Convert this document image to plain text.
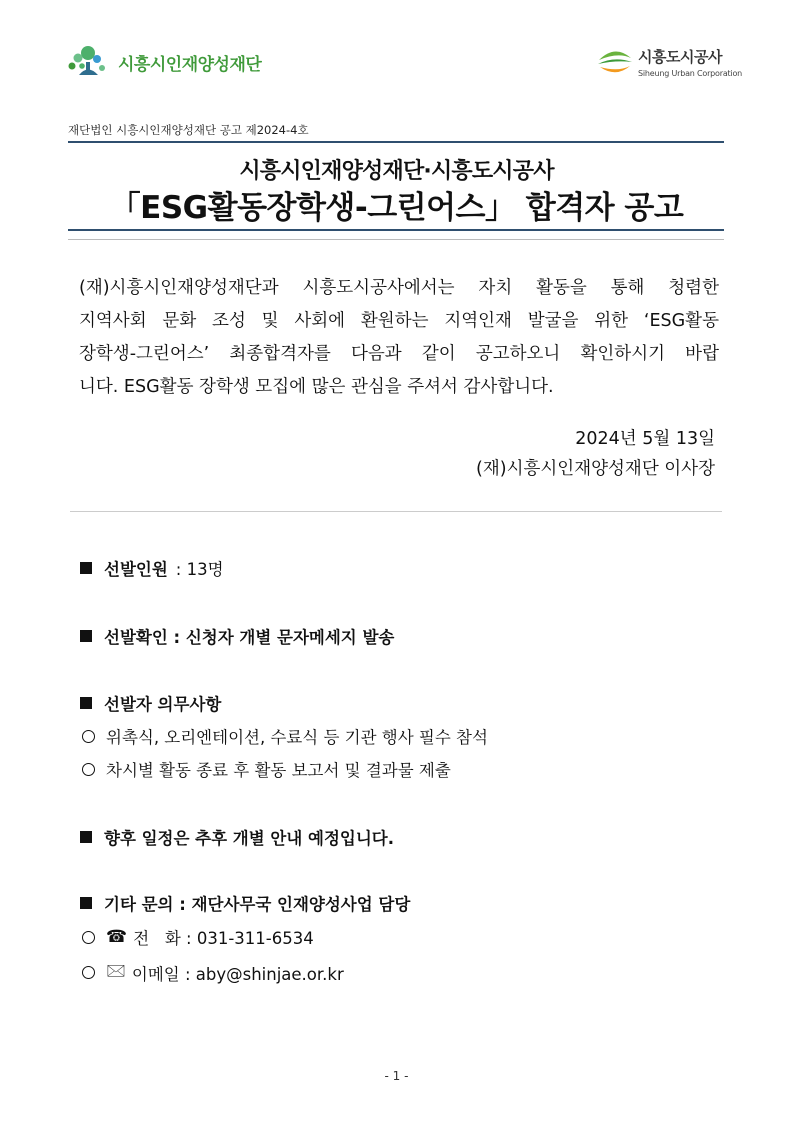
시흥시인재양성재단	시흥도시공사
Siheung Urban Corporation
재단법인 시흥시인재양성재단 공고 제2024-4호
시흥시인재양성재단·시흥도시공사
「ESG활동장학생-그린어스」 합격자 공고
(재)시흥시인재양성재단과 시흥도시공사에서는 자치 활동을 통해 청렴한
지역사회 문화 조성 및 사회에 환원하는 지역인재 발굴을 위한 ‘ESG활동
장학생-그린어스’ 최종합격자를 다음과 같이 공고하오니 확인하시기 바랍
니다. ESG활동 장학생 모집에 많은 관심을 주셔서 감사합니다.
2024년 5월 13일
(재)시흥시인재양성재단 이사장
선발인원 : 13명
선발확인 : 신청자 개별 문자메세지 발송
선발자 의무사항
위촉식, 오리엔테이션, 수료식 등 기관 행사 필수 참석
차시별 활동 종료 후 활동 보고서 및 결과물 제출
향후 일정은 추후 개별 안내 예정입니다.
기타 문의 : 재단사무국 인재양성사업 담당
☎ 전   화 : 031-311-6534
🖂 이메일 : aby@shinjae.or.kr
- 1 -
